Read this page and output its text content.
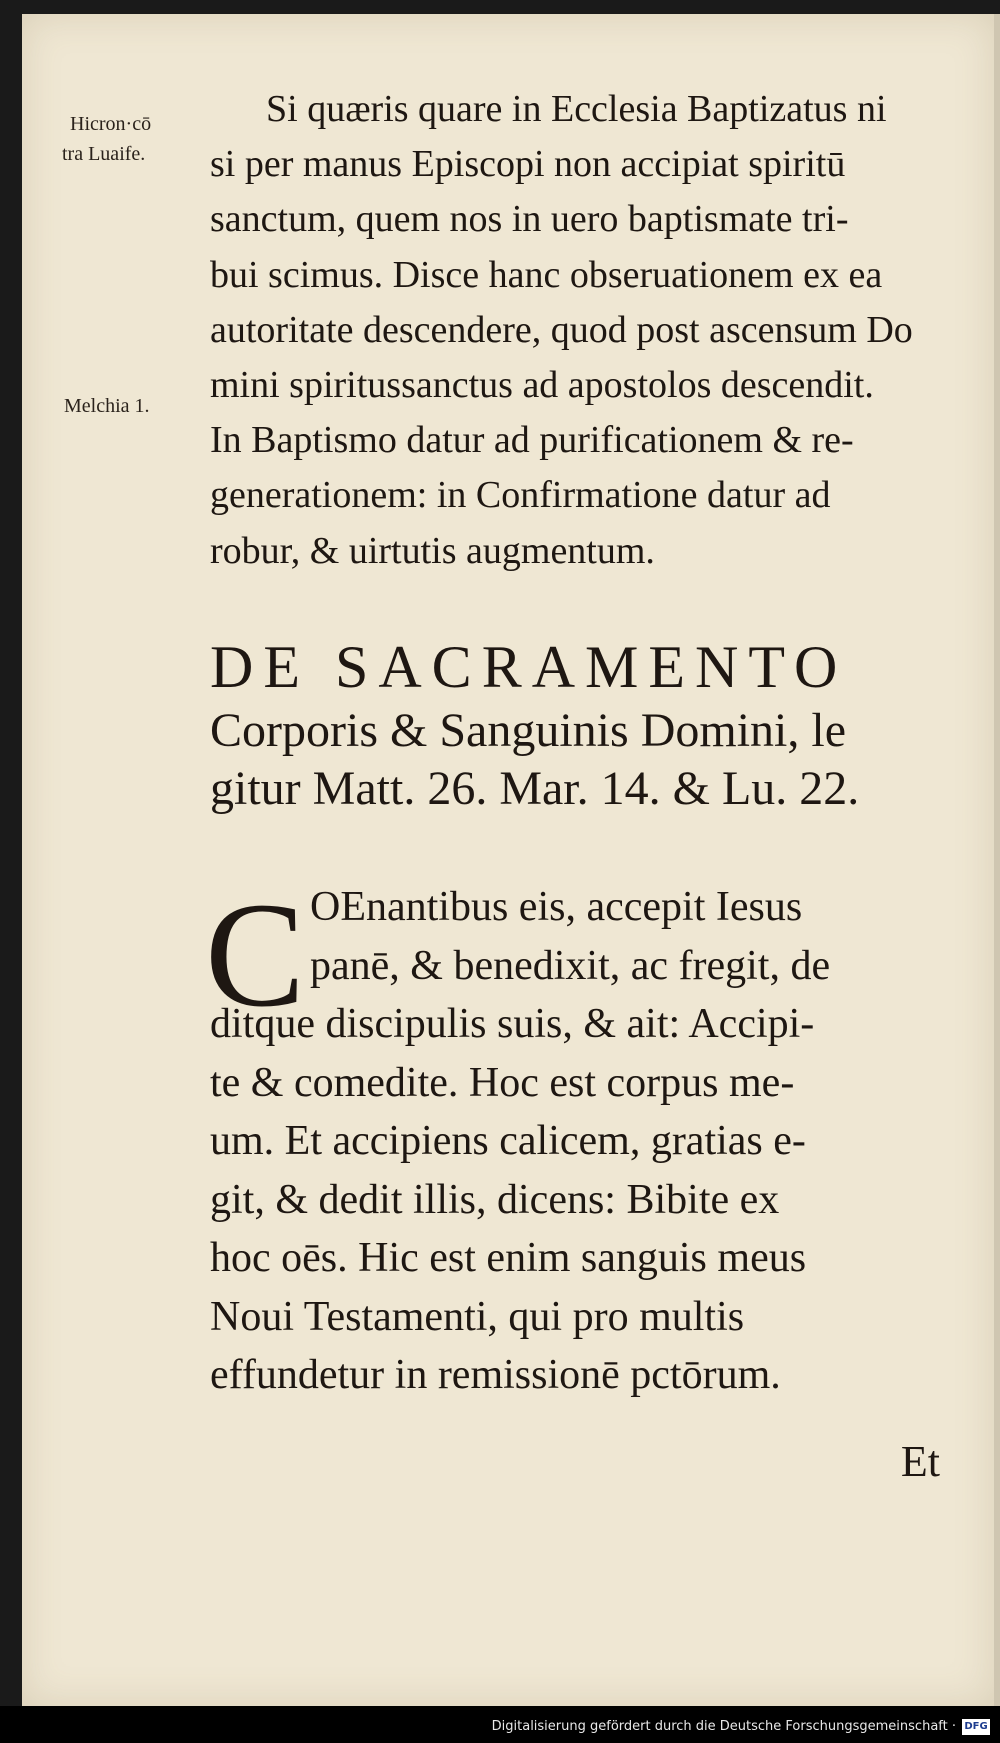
Hicron·cō
tra Luaife.
Melchia 1.
Si quæris quare in Ecclesia Baptizatus ni
si per manus Episcopi non accipiat spiritū
sanctum, quem nos in uero baptismate tri-
bui scimus. Disce hanc obseruationem ex ea
autoritate descendere, quod post ascensum Do
mini spiritussanctus ad apostolos descendit.
In Baptismo datur ad purificationem & re-
generationem: in Confirmatione datur ad
robur, & uirtutis augmentum.
DE SACRAMENTO
Corporis & Sanguinis Domini, le
gitur Matt. 26. Mar. 14. & Lu. 22.
C OEnantibus eis, accepit Iesus
panē, & benedixit, ac fregit, de
ditque discipulis suis, & ait: Accipi-
te & comedite. Hoc est corpus me-
um. Et accipiens calicem, gratias e-
git, & dedit illis, dicens: Bibite ex
hoc oēs. Hic est enim sanguis meus
Noui Testamenti, qui pro multis
effundetur in remissionē pctōrum.
Et
Digitalisierung gefördert durch die Deutsche Forschungsgemeinschaft · DFG
